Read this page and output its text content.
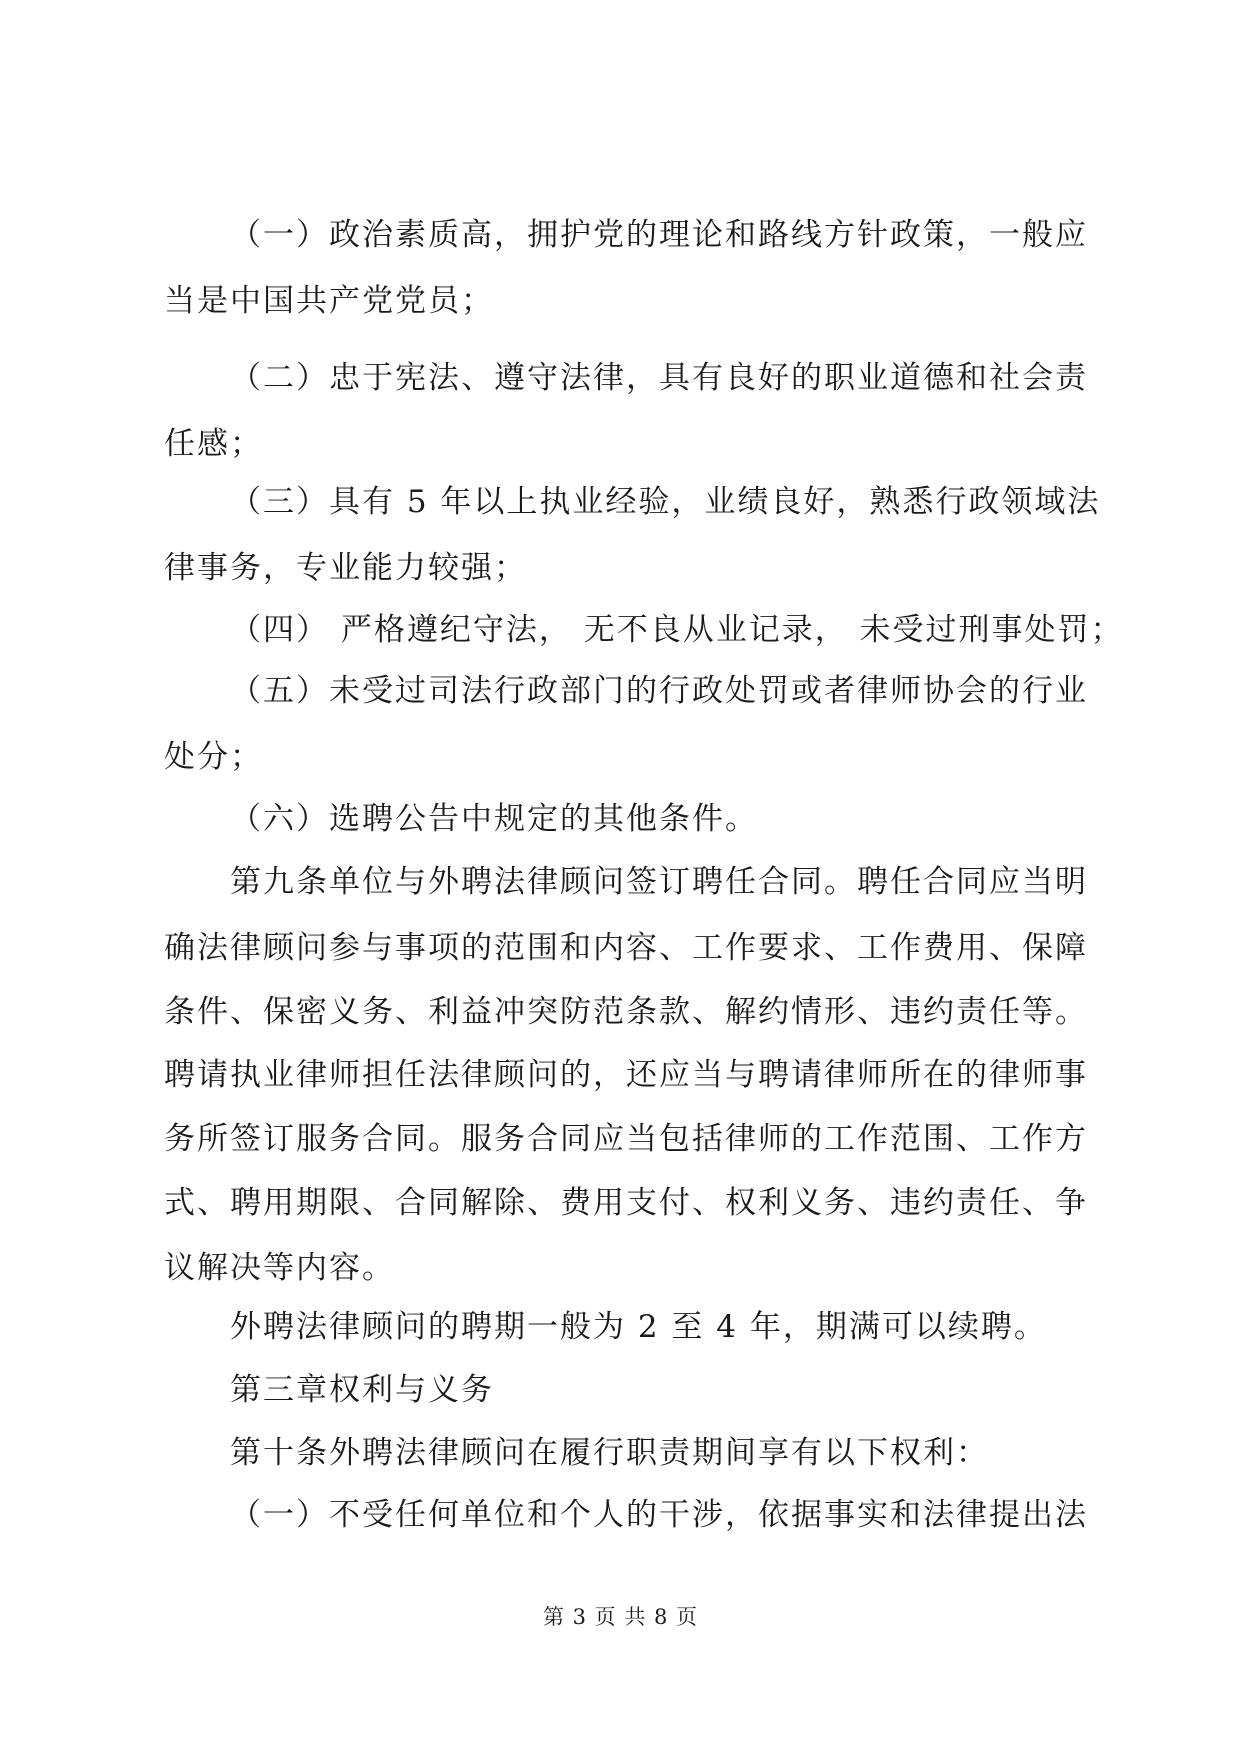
（一）政治素质高，拥护党的理论和路线方针政策，一般应
当是中国共产党党员；
（二）忠于宪法、遵守法律，具有良好的职业道德和社会责
任感；
（三）具有 5 年以上执业经验，业绩良好，熟悉行政领域法
律事务，专业能力较强；
（四） 严格遵纪守法， 无不良从业记录， 未受过刑事处罚；
（五）未受过司法行政部门的行政处罚或者律师协会的行业
处分；
（六）选聘公告中规定的其他条件。
第九条单位与外聘法律顾问签订聘任合同。聘任合同应当明
确法律顾问参与事项的范围和内容、工作要求、工作费用、保障
条件、保密义务、利益冲突防范条款、解约情形、违约责任等。
聘请执业律师担任法律顾问的，还应当与聘请律师所在的律师事
务所签订服务合同。服务合同应当包括律师的工作范围、工作方
式、聘用期限、合同解除、费用支付、权利义务、违约责任、争
议解决等内容。
外聘法律顾问的聘期一般为 2 至 4 年，期满可以续聘。
第三章权利与义务
第十条外聘法律顾问在履行职责期间享有以下权利：
（一）不受任何单位和个人的干涉，依据事实和法律提出法
第 3 页 共 8 页
